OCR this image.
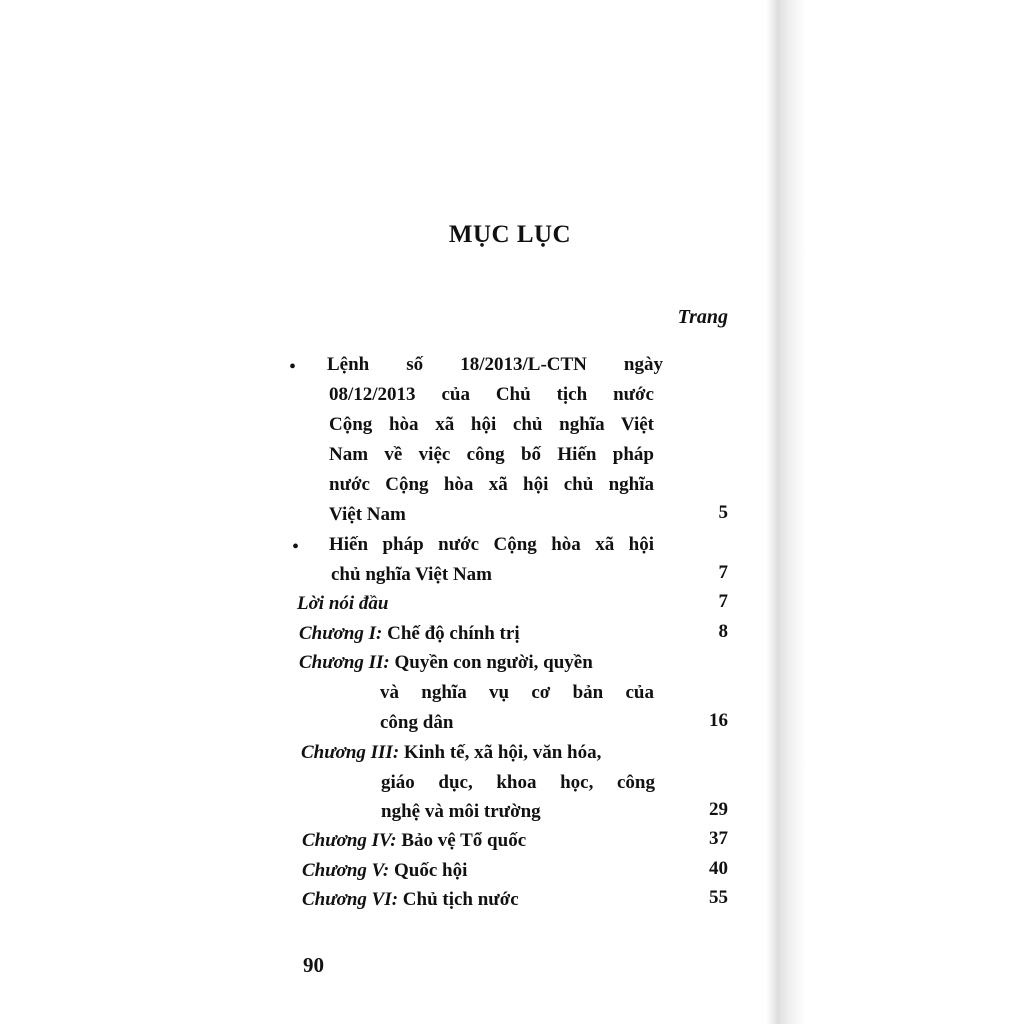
MỤC LỤC
Trang
• Lệnh số 18/2013/L-CTN ngày
08/12/2013 của Chủ tịch nước
Cộng hòa xã hội chủ nghĩa Việt
Nam về việc công bố Hiến pháp
nước Cộng hòa xã hội chủ nghĩa
Việt Nam	5
• Hiến pháp nước Cộng hòa xã hội
chủ nghĩa Việt Nam	7
Lời nói đầu	7
Chương I: Chế độ chính trị	8
Chương II: Quyền con người, quyền
và nghĩa vụ cơ bản của
công dân	16
Chương III: Kinh tế, xã hội, văn hóa,
giáo dục, khoa học, công
nghệ và môi trường	29
Chương IV: Bảo vệ Tổ quốc	37
Chương V: Quốc hội	40
Chương VI: Chủ tịch nước	55
90
